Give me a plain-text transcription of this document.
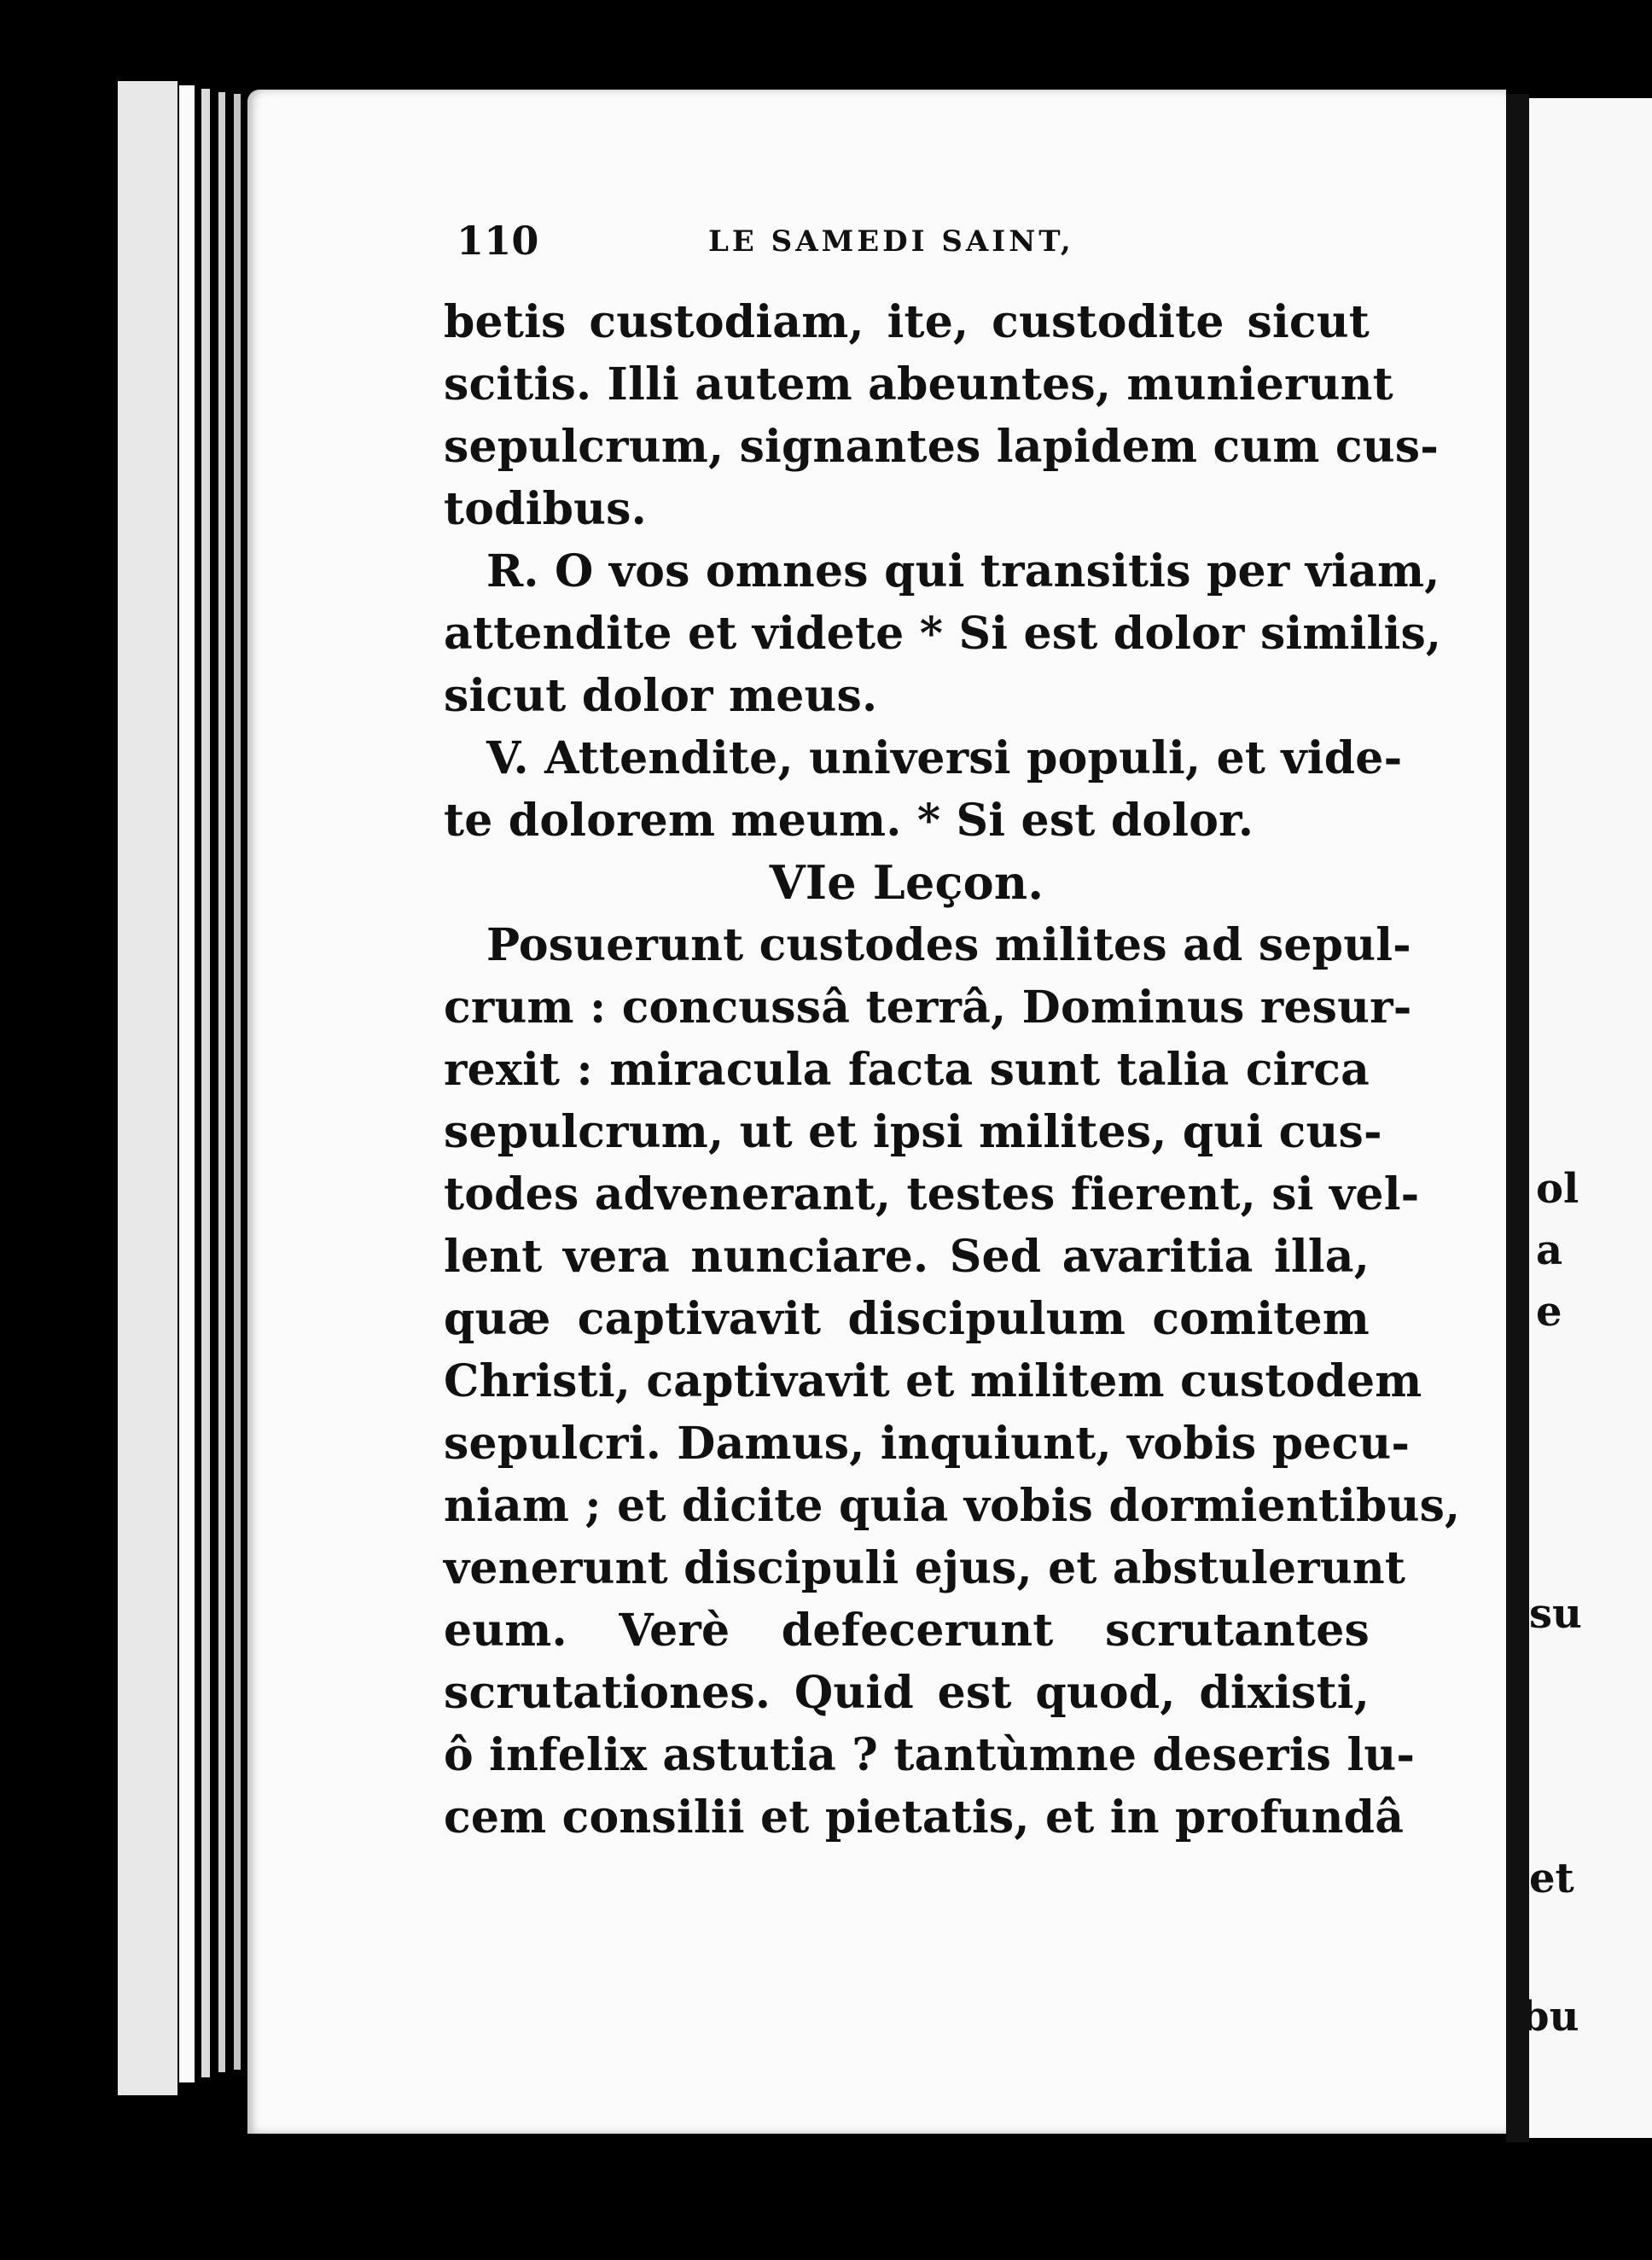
ol
a
e
su
et
bu
110	LE SAMEDI SAINT,
betis custodiam, ite, custodite sicut
scitis. Illi autem abeuntes, munierunt
sepulcrum, signantes lapidem cum cus-
todibus.
R. O vos omnes qui transitis per viam,
attendite et videte * Si est dolor similis,
sicut dolor meus.
V. Attendite, universi populi, et vide-
te dolorem meum. * Si est dolor.
VIe Leçon.
Posuerunt custodes milites ad sepul-
crum : concussâ terrâ, Dominus resur-
rexit : miracula facta sunt talia circa
sepulcrum, ut et ipsi milites, qui cus-
todes advenerant, testes fierent, si vel-
lent vera nunciare. Sed avaritia illa,
quæ captivavit discipulum comitem
Christi, captivavit et militem custodem
sepulcri. Damus, inquiunt, vobis pecu-
niam ; et dicite quia vobis dormientibus,
venerunt discipuli ejus, et abstulerunt
eum. Verè defecerunt scrutantes
scrutationes. Quid est quod, dixisti,
ô infelix astutia ? tantùmne deseris lu-
cem consilii et pietatis, et in profundâ
